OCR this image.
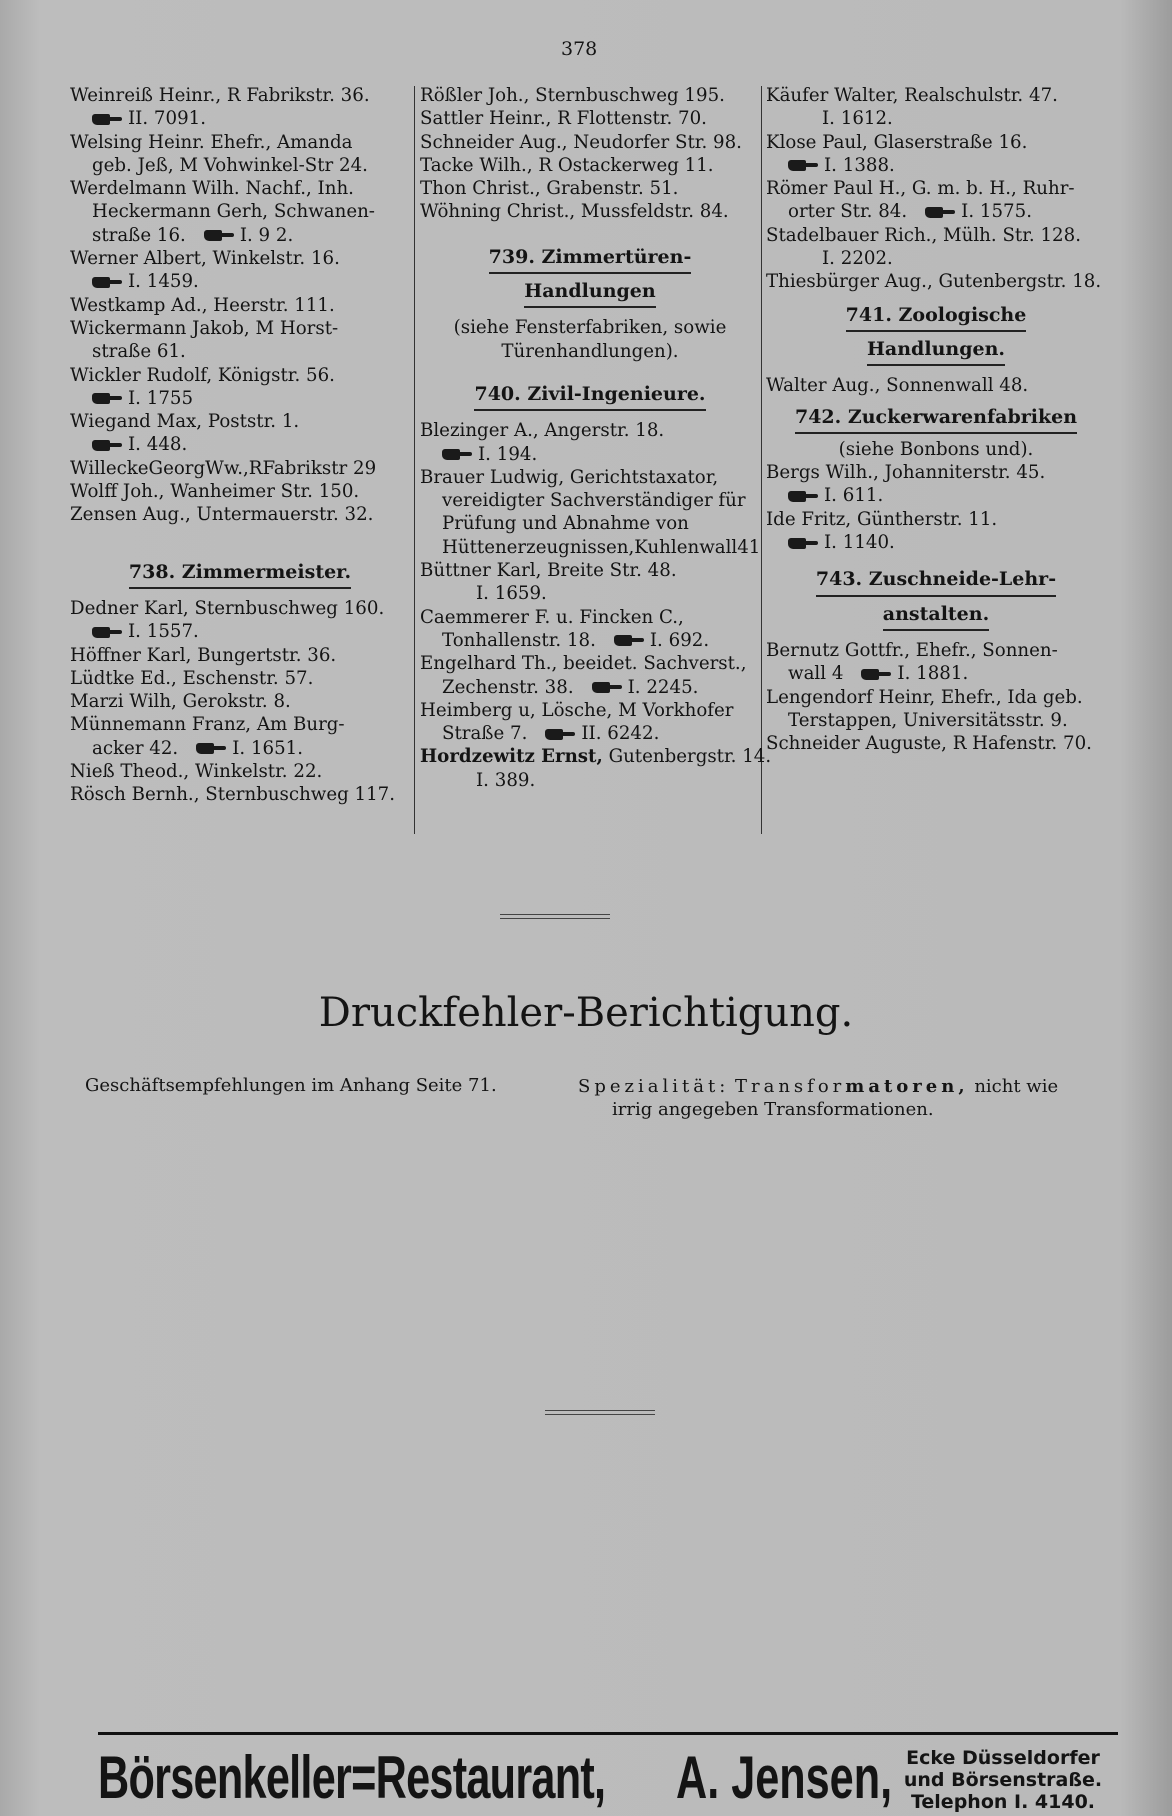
378
Weinreiß Heinr., R Fabrikstr. 36.
II. 7091.
Welsing Heinr. Ehefr., Amanda
geb. Jeß, M Vohwinkel-Str 24.
Werdelmann Wilh. Nachf., Inh.
Heckermann Gerh, Schwanen-
straße 16.	I. 9 2.
Werner Albert, Winkelstr. 16.
I. 1459.
Westkamp Ad., Heerstr. 111.
Wickermann Jakob, M Horst-
straße 61.
Wickler Rudolf, Königstr. 56.
I. 1755
Wiegand Max, Poststr. 1.
I. 448.
WilleckeGeorgWw.,RFabrikstr 29
Wolff Joh., Wanheimer Str. 150.
Zensen Aug., Untermauerstr. 32.
738. Zimmermeister.
Dedner Karl, Sternbuschweg 160.
I. 1557.
Höffner Karl, Bungertstr. 36.
Lüdtke Ed., Eschenstr. 57.
Marzi Wilh, Gerokstr. 8.
Münnemann Franz, Am Burg-
acker 42.	I. 1651.
Nieß Theod., Winkelstr. 22.
Rösch Bernh., Sternbuschweg 117.
Rößler Joh., Sternbuschweg 195.
Sattler Heinr., R Flottenstr. 70.
Schneider Aug., Neudorfer Str. 98.
Tacke Wilh., R Ostackerweg 11.
Thon Christ., Grabenstr. 51.
Wöhning Christ., Mussfeldstr. 84.
739. Zimmertüren-
Handlungen
(siehe Fensterfabriken, sowie
Türenhandlungen).
740. Zivil-Ingenieure.
Blezinger A., Angerstr. 18.
I. 194.
Brauer Ludwig, Gerichtstaxator,
vereidigter Sachverständiger für
Prüfung und Abnahme von
Hüttenerzeugnissen,Kuhlenwall41
Büttner Karl, Breite Str. 48.
I. 1659.
Caemmerer F. u. Fincken C.,
Tonhallenstr. 18.	I. 692.
Engelhard Th., beeidet. Sachverst.,
Zechenstr. 38.	I. 2245.
Heimberg u, Lösche, M Vorkhofer
Straße 7.	II. 6242.
Hordzewitz Ernst, Gutenbergstr. 14.
I. 389.
Käufer Walter, Realschulstr. 47.
I. 1612.
Klose Paul, Glaserstraße 16.
I. 1388.
Römer Paul H., G. m. b. H., Ruhr-
orter Str. 84.	I. 1575.
Stadelbauer Rich., Mülh. Str. 128.
I. 2202.
Thiesbürger Aug., Gutenbergstr. 18.
741. Zoologische
Handlungen.
Walter Aug., Sonnenwall 48.
742. Zuckerwarenfabriken
(siehe Bonbons und).
Bergs Wilh., Johanniterstr. 45.
I. 611.
Ide Fritz, Güntherstr. 11.
I. 1140.
743. Zuschneide-Lehr-
anstalten.
Bernutz Gottfr., Ehefr., Sonnen-
wall 4	I. 1881.
Lengendorf Heinr, Ehefr., Ida geb.
Terstappen, Universitätsstr. 9.
Schneider Auguste, R Hafenstr. 70.
Druckfehler-Berichtigung.
Geschäftsempfehlungen im Anhang Seite 71.	Spezialität: Transformatoren, nicht wie
irrig angegeben Transformationen.
Börsenkeller=Restaurant, A. Jensen, Ecke Düsseldorfer
und Börsenstraße.
Telephon I. 4140.
